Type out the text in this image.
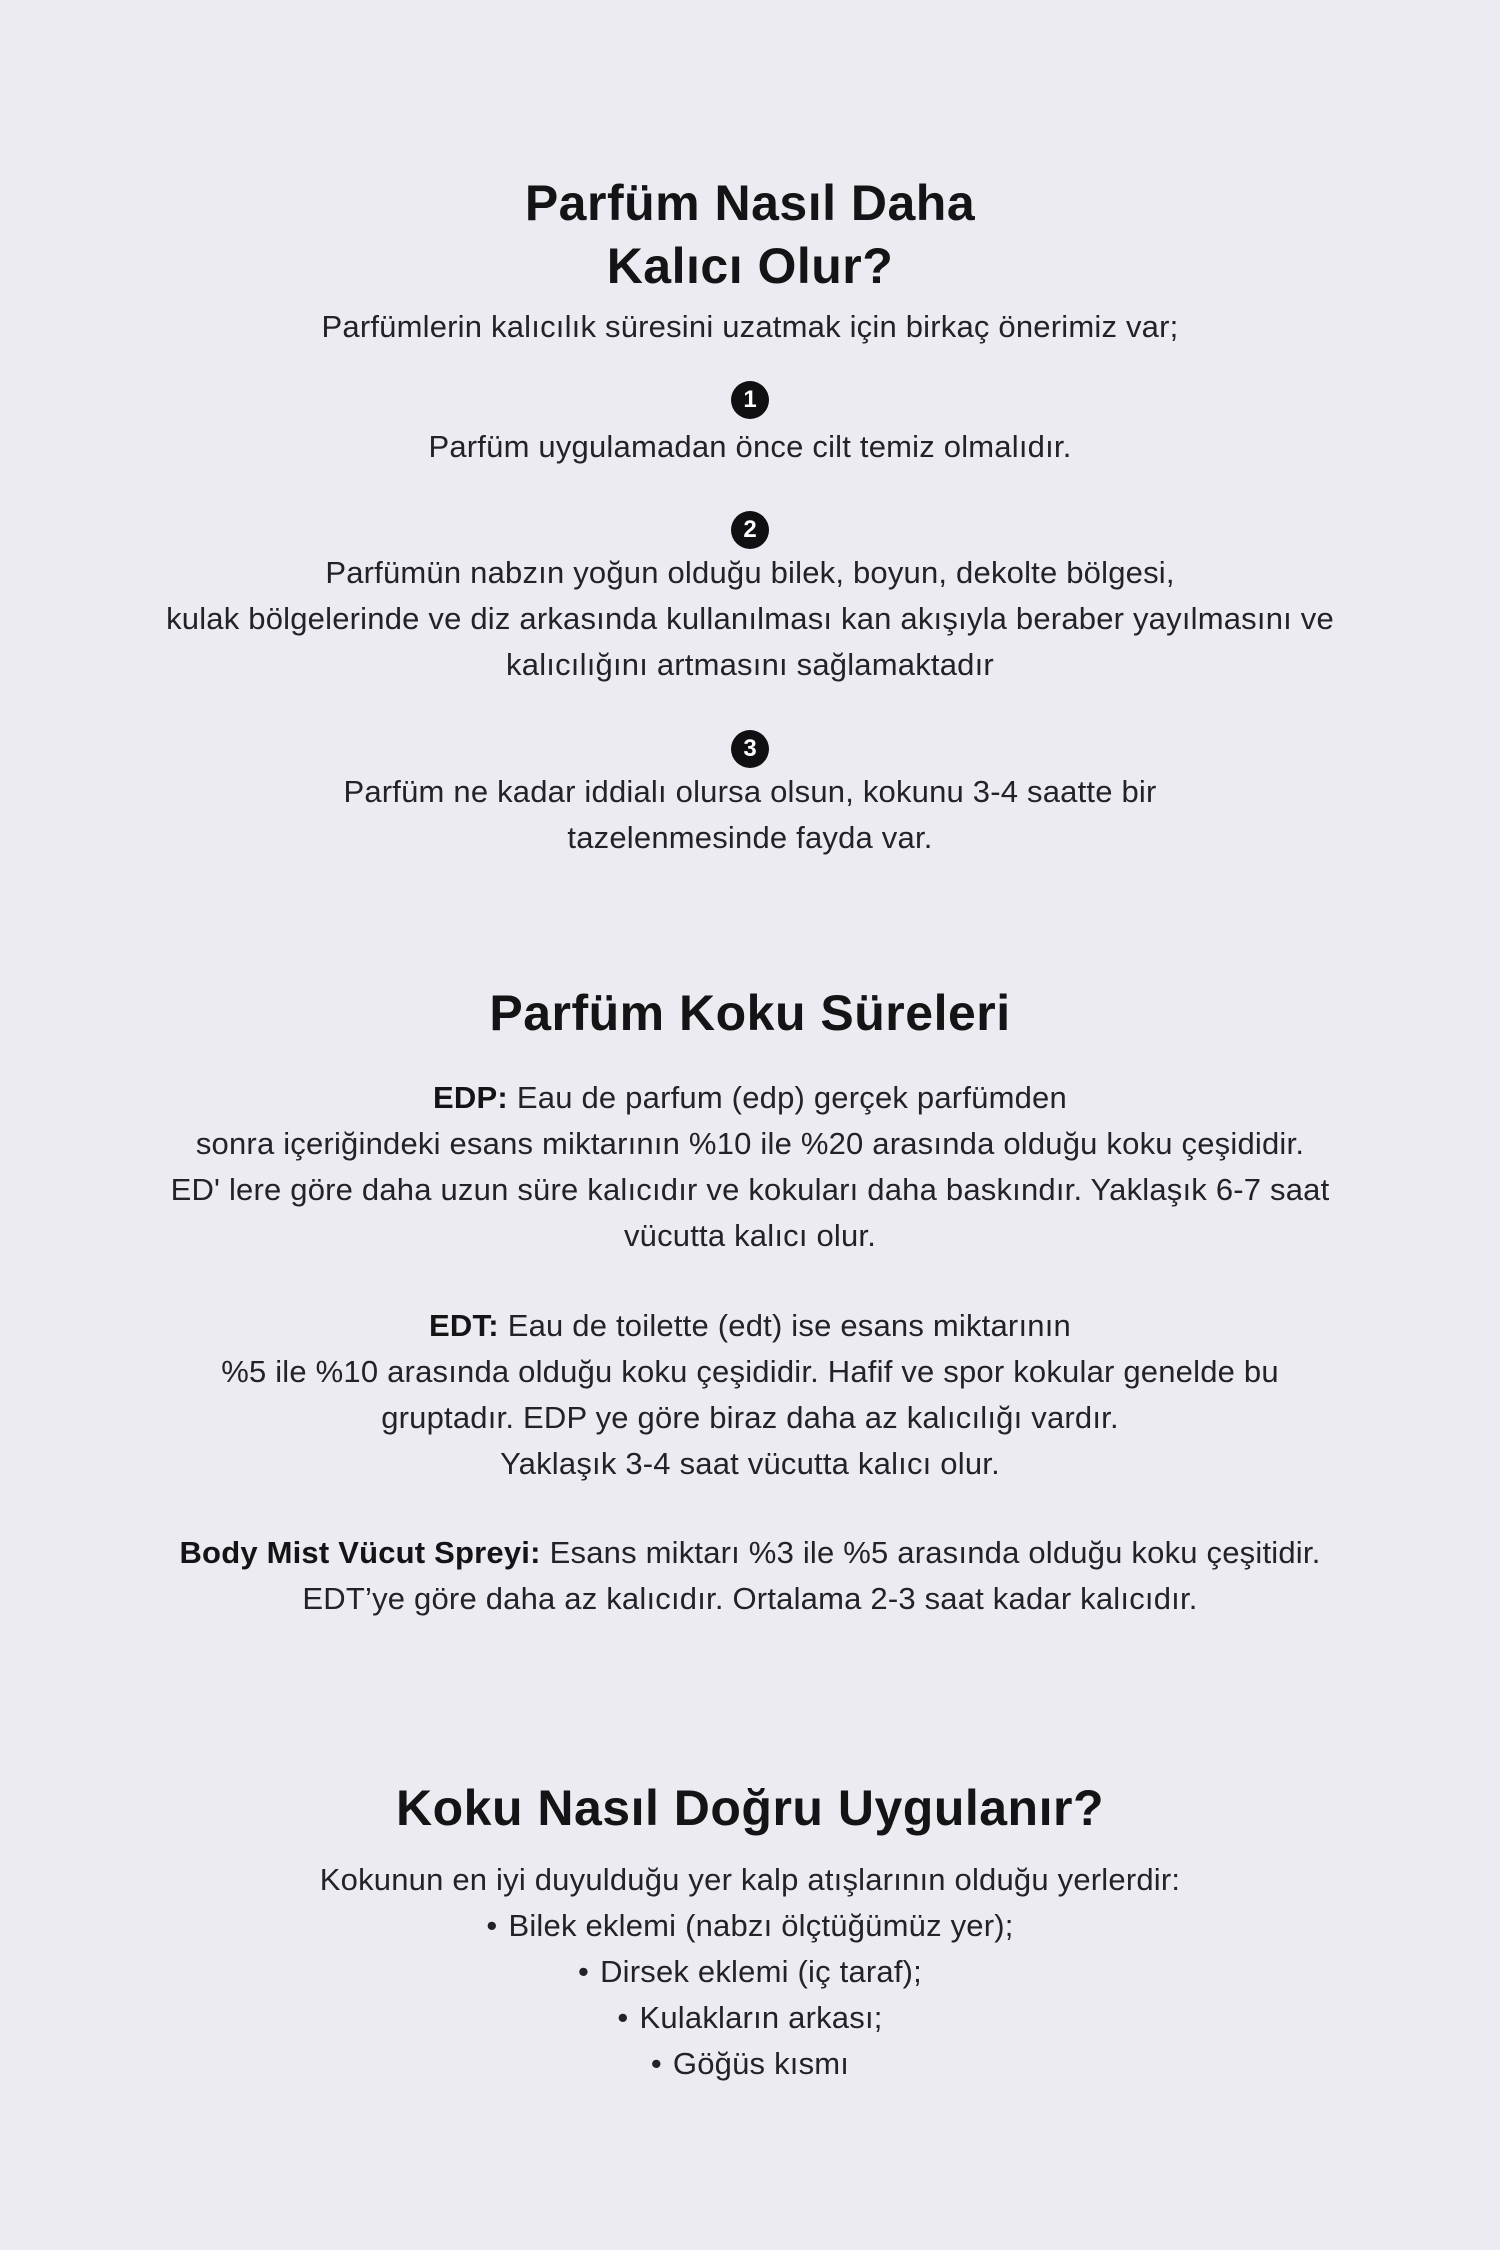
Parfüm Nasıl Daha
Kalıcı Olur?
Parfümlerin kalıcılık süresini uzatmak için birkaç önerimiz var;
1
Parfüm uygulamadan önce cilt temiz olmalıdır.
2
Parfümün nabzın yoğun olduğu bilek, boyun, dekolte bölgesi,
kulak bölgelerinde ve diz arkasında kullanılması kan akışıyla beraber yayılmasını ve
kalıcılığını artmasını sağlamaktadır
3
Parfüm ne kadar iddialı olursa olsun, kokunu 3-4 saatte bir
tazelenmesinde fayda var.
Parfüm Koku Süreleri
EDP: Eau de parfum (edp) gerçek parfümden
sonra içeriğindeki esans miktarının %10 ile %20 arasında olduğu koku çeşididir.
ED' lere göre daha uzun süre kalıcıdır ve kokuları daha baskındır. Yaklaşık 6-7 saat
vücutta kalıcı olur.
EDT: Eau de toilette (edt) ise esans miktarının
%5 ile %10 arasında olduğu koku çeşididir. Hafif ve spor kokular genelde bu
gruptadır. EDP ye göre biraz daha az kalıcılığı vardır.
Yaklaşık 3-4 saat vücutta kalıcı olur.
Body Mist Vücut Spreyi: Esans miktarı %3 ile %5 arasında olduğu koku çeşitidir.
EDT’ye göre daha az kalıcıdır. Ortalama 2-3 saat kadar kalıcıdır.
Koku Nasıl Doğru Uygulanır?
Kokunun en iyi duyulduğu yer kalp atışlarının olduğu yerlerdir:
• Bilek eklemi (nabzı ölçtüğümüz yer);
• Dirsek eklemi (iç taraf);
• Kulakların arkası;
• Göğüs kısmı
